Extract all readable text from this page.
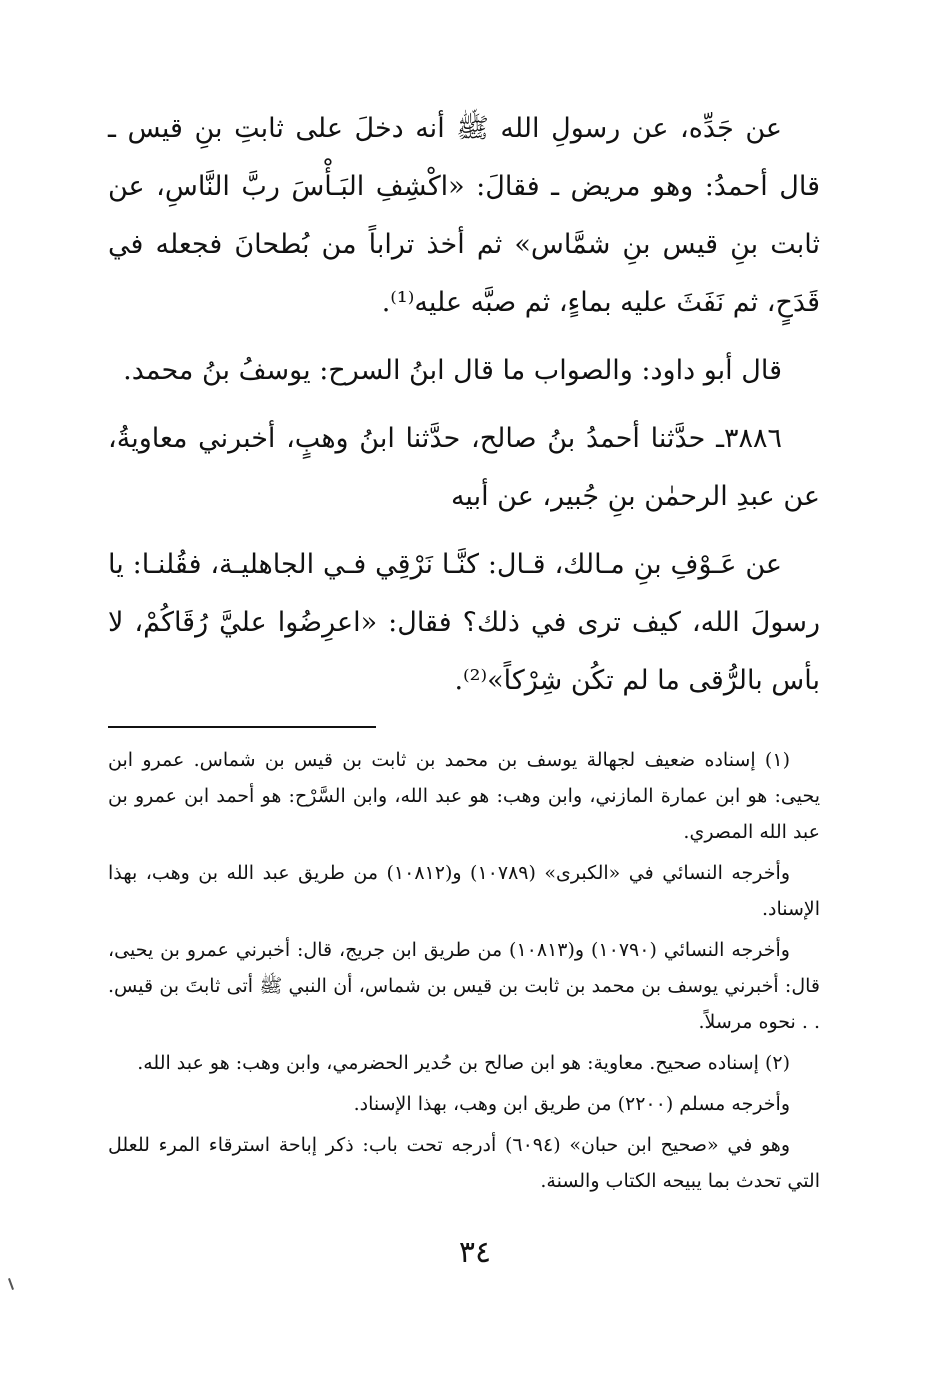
عن جَدِّه، عن رسولِ الله ﷺ أنه دخلَ على ثابتِ بنِ قيس ـ قال أحمدُ: وهو مريض ـ فقالَ: «اكْشِفِ البَـأْسَ ربَّ النَّاسِ، عن ثابت بنِ قيس بنِ شمَّاس» ثم أخذ تراباً من بُطحانَ فجعله في قَدَحٍ، ثم نَفَثَ عليه بماءٍ، ثم صبَّه عليه⁽¹⁾.

قال أبو داود: والصواب ما قال ابنُ السرح: يوسفُ بنُ محمد.

٣٨٨٦ـ حدَّثنا أحمدُ بنُ صالح، حدَّثنا ابنُ وهبٍ، أخبرني معاويةُ، عن عبدِ الرحمٰن بنِ جُبير، عن أبيه

عن عَـوْفِ بنِ مـالك، قـال: كنَّـا نَرْقِي فـي الجاهليـة، فقُلنـا: يا رسولَ الله، كيف ترى في ذلك؟ فقال: «اعرِضُوا عليَّ رُقَاكُمْ، لا بأس بالرُّقى ما لم تكُن شِرْكاً»⁽²⁾.

(١) إسناده ضعيف لجهالة يوسف بن محمد بن ثابت بن قيس بن شماس. عمرو ابن يحيى: هو ابن عمارة المازني، وابن وهب: هو عبد الله، وابن السَّرْح: هو أحمد ابن عمرو بن عبد الله المصري.

وأخرجه النسائي في «الكبرى» (١٠٧٨٩) و(١٠٨١٢) من طريق عبد الله بن وهب، بهذا الإسناد.

وأخرجه النسائي (١٠٧٩٠) و(١٠٨١٣) من طريق ابن جريج، قال: أخبرني عمرو بن يحيى، قال: أخبرني يوسف بن محمد بن ثابت بن قيس بن شماس، أن النبي ﷺ أتى ثابتَ بن قيس. . . نحوه مرسلاً.

(٢) إسناده صحيح. معاوية: هو ابن صالح بن حُدير الحضرمي، وابن وهب: هو عبد الله.

وأخرجه مسلم (٢٢٠٠) من طريق ابن وهب، بهذا الإسناد.

وهو في «صحيح ابن حبان» (٦٠٩٤) أدرجه تحت باب: ذكر إباحة استرقاء المرء للعلل التي تحدث بما يبيحه الكتاب والسنة.

٣٤
